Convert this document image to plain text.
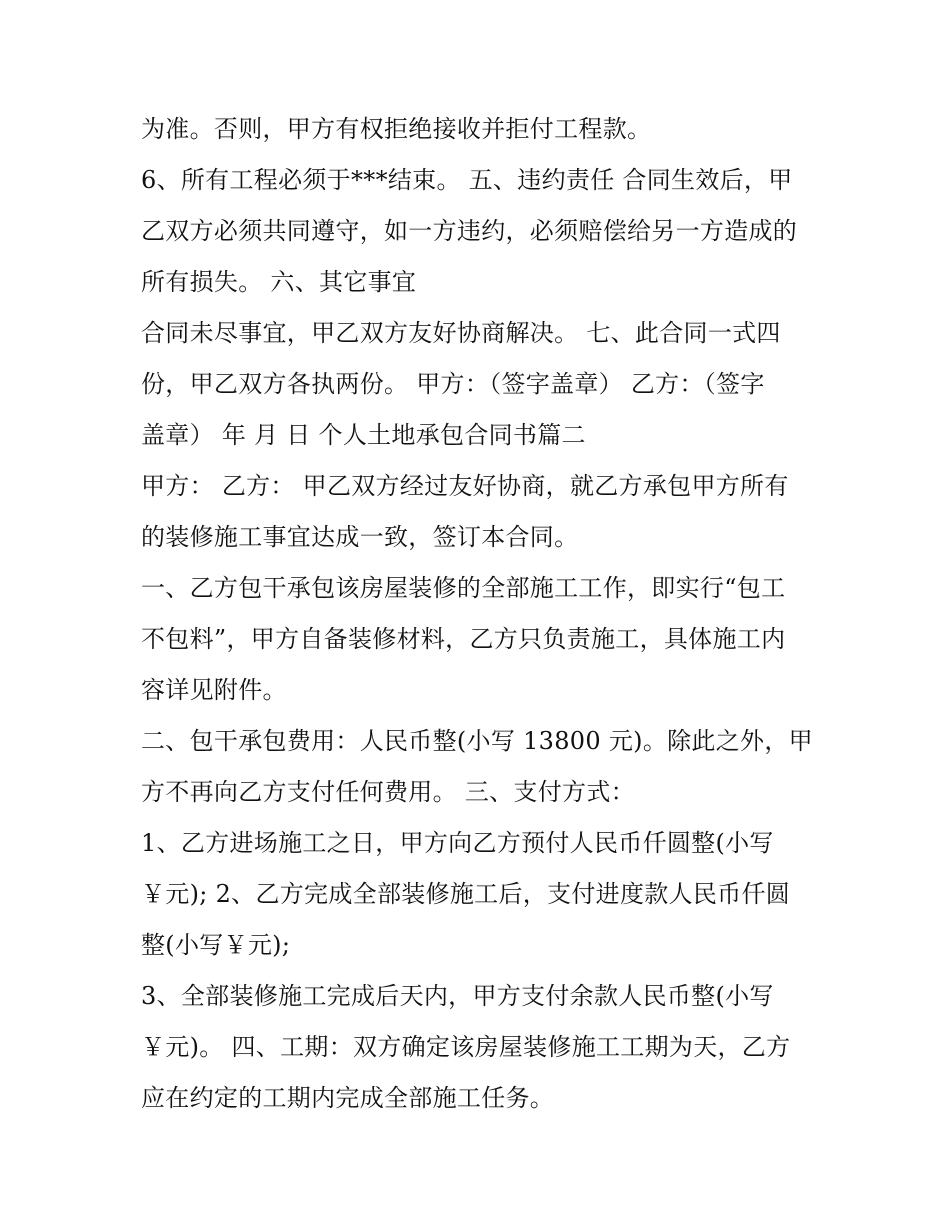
为准。否则，甲方有权拒绝接收并拒付工程款。

6、所有工程必须于***结束。 五、违约责任 合同生效后，甲

乙双方必须共同遵守，如一方违约，必须赔偿给另一方造成的

所有损失。 六、其它事宜

合同未尽事宜，甲乙双方友好协商解决。 七、此合同一式四

份，甲乙双方各执两份。 甲方：（签字盖章） 乙方：（签字

盖章） 年 月 日 个人土地承包合同书篇二

甲方： 乙方： 甲乙双方经过友好协商，就乙方承包甲方所有

的装修施工事宜达成一致，签订本合同。

一、乙方包干承包该房屋装修的全部施工工作，即实行“包工

不包料”，甲方自备装修材料，乙方只负责施工，具体施工内

容详见附件。

二、包干承包费用：人民币整(小写 13800 元)。除此之外，甲

方不再向乙方支付任何费用。 三、支付方式：

1、乙方进场施工之日，甲方向乙方预付人民币仟圆整(小写

￥元); 2、乙方完成全部装修施工后，支付进度款人民币仟圆

整(小写￥元);

3、全部装修施工完成后天内，甲方支付余款人民币整(小写

￥元)。 四、工期：双方确定该房屋装修施工工期为天，乙方

应在约定的工期内完成全部施工任务。
